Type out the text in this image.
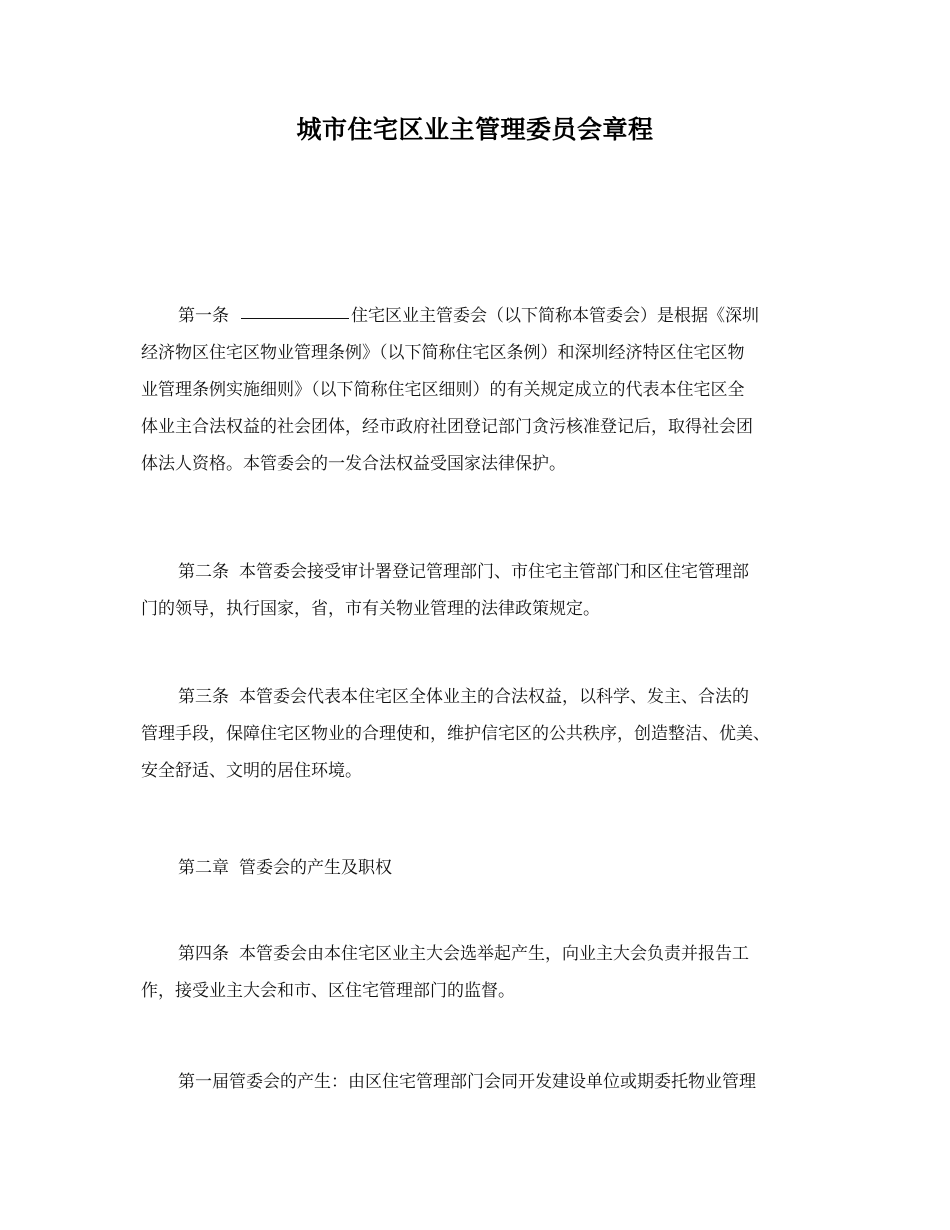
城市住宅区业主管理委员会章程
第一条	住宅区业主管委会（以下简称本管委会）是根据《深圳
经济物区住宅区物业管理条例》（以下简称住宅区条例）和深圳经济特区住宅区物
业管理条例实施细则》（以下简称住宅区细则）的有关规定成立的代表本住宅区全
体业主合法权益的社会团体，经市政府社团登记部门贪污核准登记后，取得社会团
体法人资格。本管委会的一发合法权益受国家法律保护。
第二条 本管委会接受审计署登记管理部门、市住宅主管部门和区住宅管理部
门的领导，执行国家，省，市有关物业管理的法律政策规定。
第三条 本管委会代表本住宅区全体业主的合法权益，以科学、发主、合法的
管理手段，保障住宅区物业的合理使和，维护信宅区的公共秩序，创造整洁、优美、
安全舒适、文明的居住环境。
第二章 管委会的产生及职权
第四条 本管委会由本住宅区业主大会选举起产生，向业主大会负责并报告工
作，接受业主大会和市、区住宅管理部门的监督。
第一届管委会的产生：由区住宅管理部门会同开发建设单位或期委托物业管理
